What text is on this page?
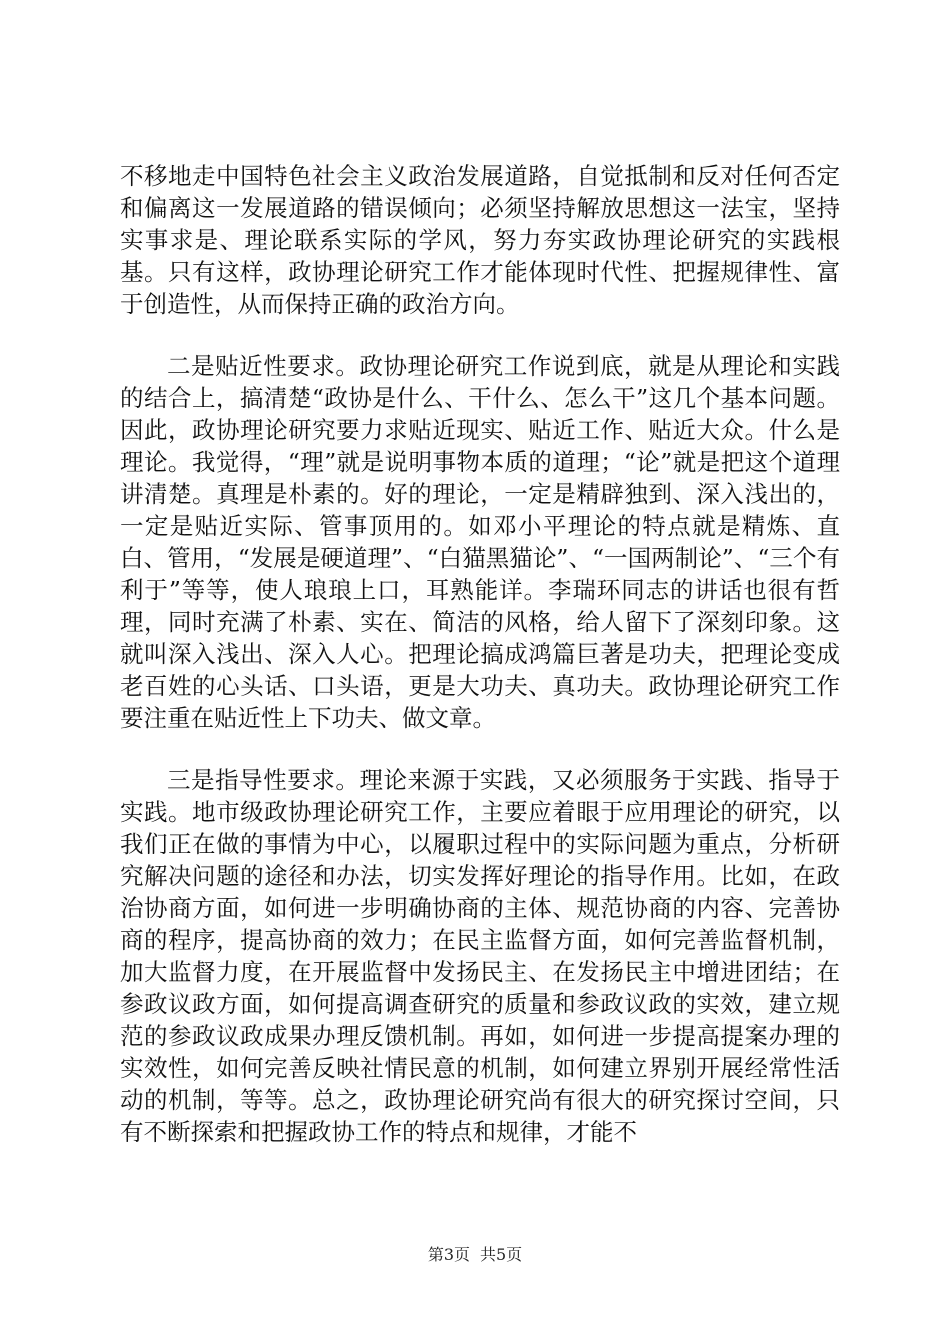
不移地走中国特色社会主义政治发展道路，自觉抵制和反对任何否定和偏离这一发展道路的错误倾向；必须坚持解放思想这一法宝，坚持实事求是、理论联系实际的学风，努力夯实政协理论研究的实践根基。只有这样，政协理论研究工作才能体现时代性、把握规律性、富于创造性，从而保持正确的政治方向。

二是贴近性要求。政协理论研究工作说到底，就是从理论和实践的结合上，搞清楚“政协是什么、干什么、怎么干”这几个基本问题。因此，政协理论研究要力求贴近现实、贴近工作、贴近大众。什么是理论。我觉得，“理”就是说明事物本质的道理；“论”就是把这个道理讲清楚。真理是朴素的。好的理论，一定是精辟独到、深入浅出的，一定是贴近实际、管事顶用的。如邓小平理论的特点就是精炼、直白、管用，“发展是硬道理”、“白猫黑猫论”、“一国两制论”、“三个有利于”等等，使人琅琅上口，耳熟能详。李瑞环同志的讲话也很有哲理，同时充满了朴素、实在、简洁的风格，给人留下了深刻印象。这就叫深入浅出、深入人心。把理论搞成鸿篇巨著是功夫，把理论变成老百姓的心头话、口头语，更是大功夫、真功夫。政协理论研究工作要注重在贴近性上下功夫、做文章。

三是指导性要求。理论来源于实践，又必须服务于实践、指导于实践。地市级政协理论研究工作，主要应着眼于应用理论的研究，以我们正在做的事情为中心，以履职过程中的实际问题为重点，分析研究解决问题的途径和办法，切实发挥好理论的指导作用。比如，在政治协商方面，如何进一步明确协商的主体、规范协商的内容、完善协商的程序，提高协商的效力；在民主监督方面，如何完善监督机制，加大监督力度，在开展监督中发扬民主、在发扬民主中增进团结；在参政议政方面，如何提高调查研究的质量和参政议政的实效，建立规范的参政议政成果办理反馈机制。再如，如何进一步提高提案办理的实效性，如何完善反映社情民意的机制，如何建立界别开展经常性活动的机制，等等。总之，政协理论研究尚有很大的研究探讨空间，只有不断探索和把握政协工作的特点和规律，才能不

第3页 共5页
